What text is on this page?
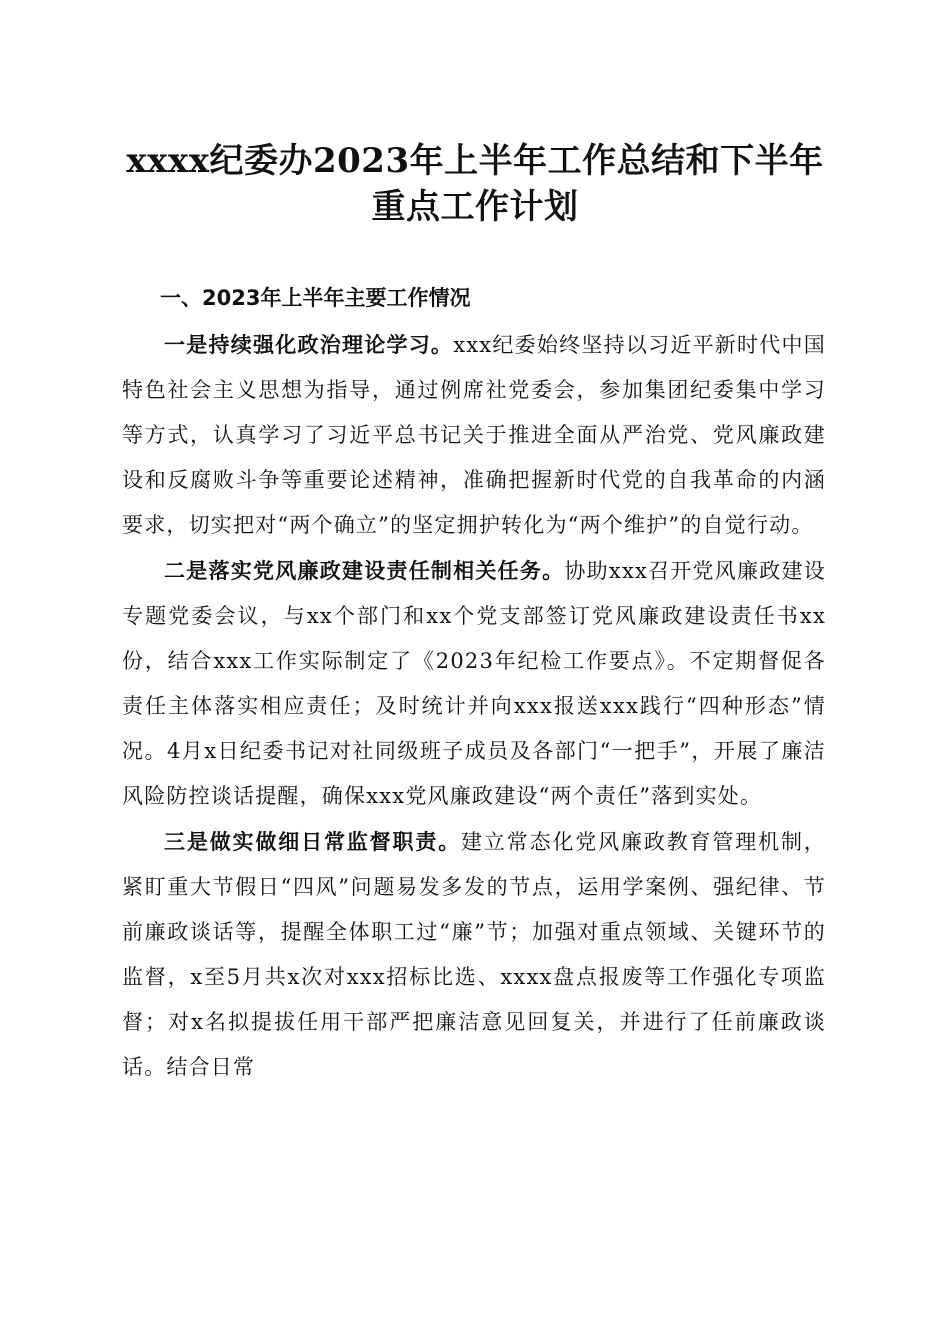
xxxx纪委办2023年上半年工作总结和下半年
重点工作计划
一、2023年上半年主要工作情况

一是持续强化政治理论学习。xxx纪委始终坚持以习近平新时代中国特色社会主义思想为指导，通过例席社党委会，参加集团纪委集中学习等方式，认真学习了习近平总书记关于推进全面从严治党、党风廉政建设和反腐败斗争等重要论述精神，准确把握新时代党的自我革命的内涵要求，切实把对“两个确立”的坚定拥护转化为“两个维护”的自觉行动。

二是落实党风廉政建设责任制相关任务。协助xxx召开党风廉政建设专题党委会议，与xx个部门和xx个党支部签订党风廉政建设责任书xx份，结合xxx工作实际制定了《2023年纪检工作要点》。不定期督促各责任主体落实相应责任；及时统计并向xxx报送xxx践行“四种形态”情况。4月x日纪委书记对社同级班子成员及各部门“一把手”，开展了廉洁风险防控谈话提醒，确保xxx党风廉政建设“两个责任”落到实处。

三是做实做细日常监督职责。建立常态化党风廉政教育管理机制，紧盯重大节假日“四风”问题易发多发的节点，运用学案例、强纪律、节前廉政谈话等，提醒全体职工过“廉”节；加强对重点领域、关键环节的监督，x至5月共x次对xxx招标比选、xxxx盘点报废等工作强化专项监督；对x名拟提拔任用干部严把廉洁意见回复关，并进行了任前廉政谈话。结合日常
